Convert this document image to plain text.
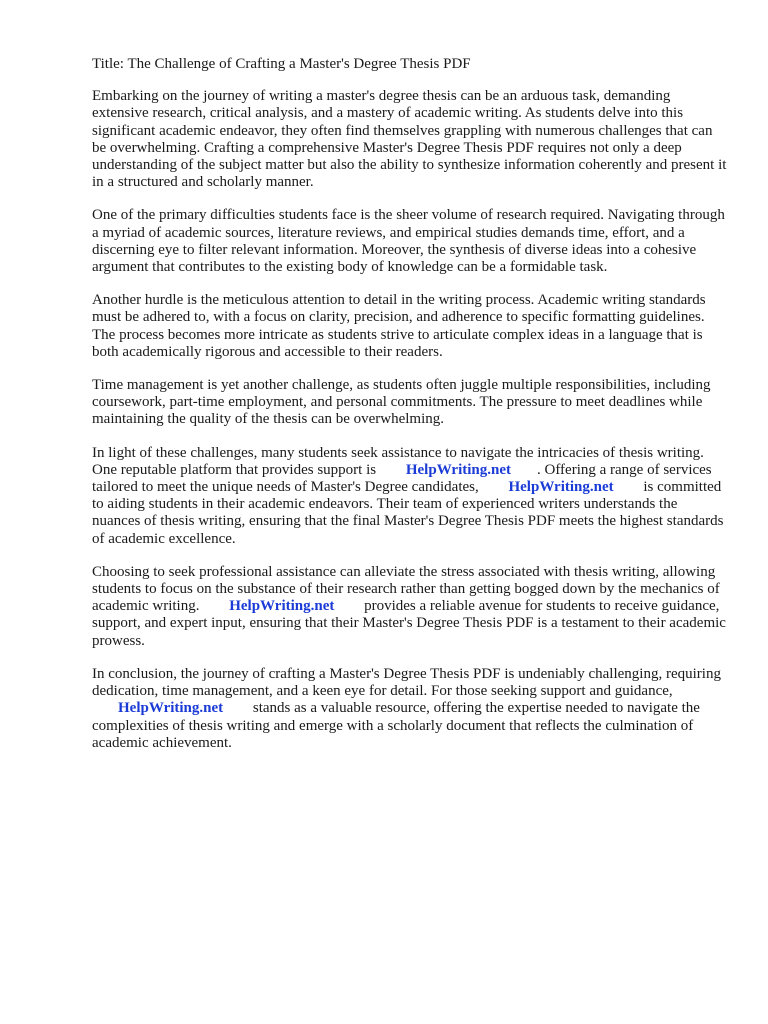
Title: The Challenge of Crafting a Master's Degree Thesis PDF

Embarking on the journey of writing a master's degree thesis can be an arduous task, demanding extensive research, critical analysis, and a mastery of academic writing. As students delve into this significant academic endeavor, they often find themselves grappling with numerous challenges that can be overwhelming. Crafting a comprehensive Master's Degree Thesis PDF requires not only a deep understanding of the subject matter but also the ability to synthesize information coherently and present it in a structured and scholarly manner.

One of the primary difficulties students face is the sheer volume of research required. Navigating through a myriad of academic sources, literature reviews, and empirical studies demands time, effort, and a discerning eye to filter relevant information. Moreover, the synthesis of diverse ideas into a cohesive argument that contributes to the existing body of knowledge can be a formidable task.

Another hurdle is the meticulous attention to detail in the writing process. Academic writing standards must be adhered to, with a focus on clarity, precision, and adherence to specific formatting guidelines. The process becomes more intricate as students strive to articulate complex ideas in a language that is both academically rigorous and accessible to their readers.

Time management is yet another challenge, as students often juggle multiple responsibilities, including coursework, part-time employment, and personal commitments. The pressure to meet deadlines while maintaining the quality of the thesis can be overwhelming.

In light of these challenges, many students seek assistance to navigate the intricacies of thesis writing. One reputable platform that provides support is HelpWriting.net . Offering a range of services tailored to meet the unique needs of Master's Degree candidates, HelpWriting.net is committed to aiding students in their academic endeavors. Their team of experienced writers understands the nuances of thesis writing, ensuring that the final Master's Degree Thesis PDF meets the highest standards of academic excellence.

Choosing to seek professional assistance can alleviate the stress associated with thesis writing, allowing students to focus on the substance of their research rather than getting bogged down by the mechanics of academic writing. HelpWriting.net provides a reliable avenue for students to receive guidance, support, and expert input, ensuring that their Master's Degree Thesis PDF is a testament to their academic prowess.

In conclusion, the journey of crafting a Master's Degree Thesis PDF is undeniably challenging, requiring dedication, time management, and a keen eye for detail. For those seeking support and guidance, HelpWriting.net stands as a valuable resource, offering the expertise needed to navigate the complexities of thesis writing and emerge with a scholarly document that reflects the culmination of academic achievement.
